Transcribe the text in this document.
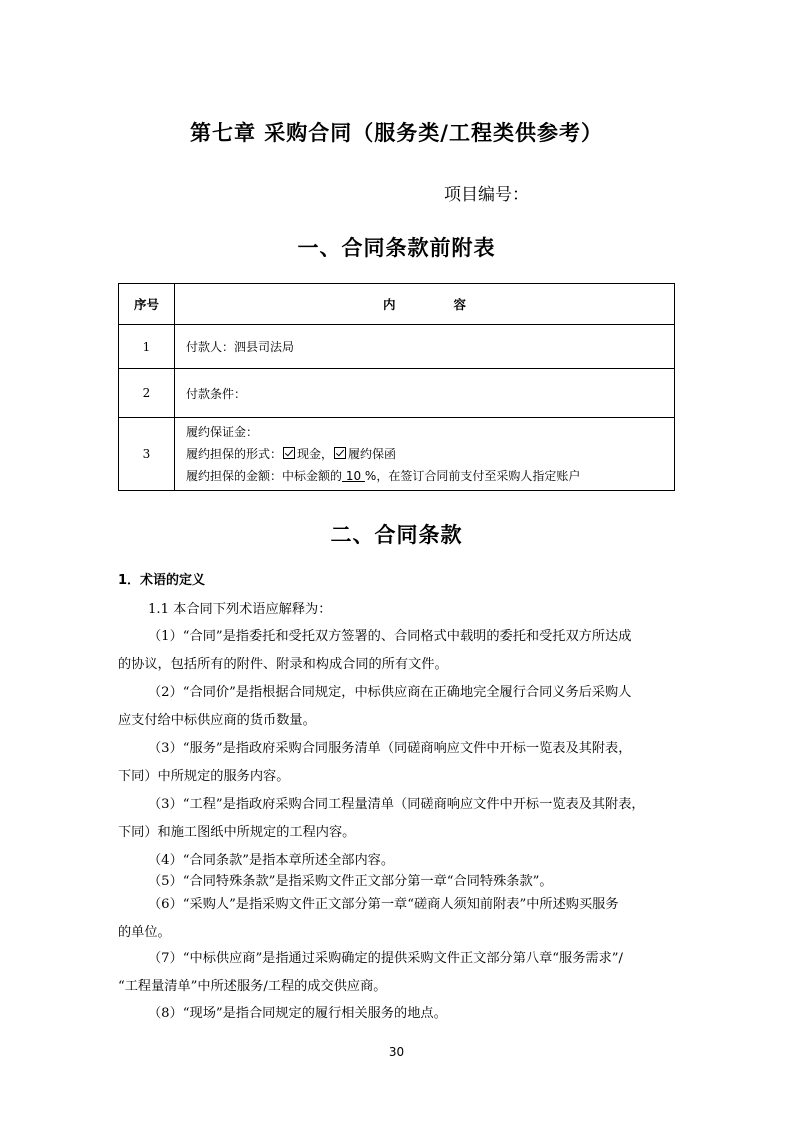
第七章 采购合同（服务类/工程类供参考）
项目编号：
一、合同条款前附表
序号	内容
1	付款人：泗县司法局
2	付款条件：
3	履约保证金：
履约担保的形式： 现金， 履约保函
履约担保的金额：中标金额的 10 %，在签订合同前支付至采购人指定账户
二、合同条款
1．术语的定义
1.1 本合同下列术语应解释为：
（1）“合同”是指委托和受托双方签署的、合同格式中载明的委托和受托双方所达成
的协议，包括所有的附件、附录和构成合同的所有文件。
（2）“合同价”是指根据合同规定，中标供应商在正确地完全履行合同义务后采购人
应支付给中标供应商的货币数量。
（3）“服务”是指政府采购合同服务清单（同磋商响应文件中开标一览表及其附表，
下同）中所规定的服务内容。
（3）“工程”是指政府采购合同工程量清单（同磋商响应文件中开标一览表及其附表，
下同）和施工图纸中所规定的工程内容。
（4）“合同条款”是指本章所述全部内容。
（5）“合同特殊条款”是指采购文件正文部分第一章“合同特殊条款”。
（6）“采购人”是指采购文件正文部分第一章“磋商人须知前附表”中所述购买服务
的单位。
（7）“中标供应商”是指通过采购确定的提供采购文件正文部分第八章“服务需求”/
“工程量清单”中所述服务/工程的成交供应商。
（8）“现场”是指合同规定的履行相关服务的地点。
30
